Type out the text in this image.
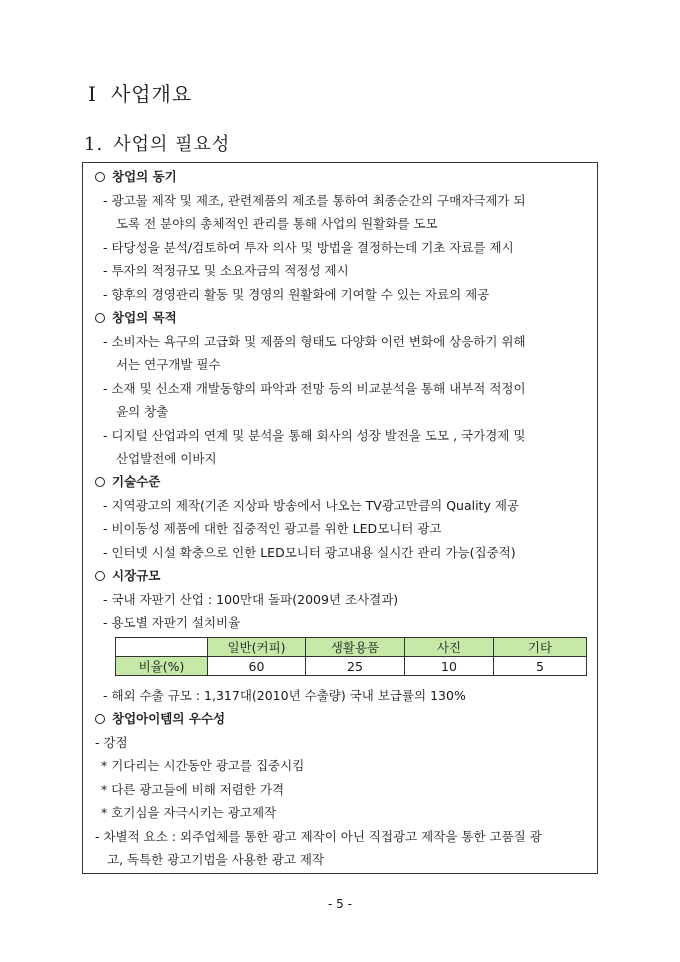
I 사업개요
1. 사업의 필요성
창업의 동기
- 광고물 제작 및 제조, 관련제품의 제조를 통하여 최종순간의 구매자극제가 되
도록 전 분야의 총체적인 관리를 통해 사업의 원활화를 도모
- 타당성을 분석/검토하여 투자 의사 및 방법을 결정하는데 기초 자료를 제시
- 투자의 적정규모 및 소요자금의 적정성 제시
- 향후의 경영관리 활동 및 경영의 원활화에 기여할 수 있는 자료의 제공
창업의 목적
- 소비자는 욕구의 고급화 및 제품의 형태도 다양화 이런 변화에 상응하기 위해
서는 연구개발 필수
- 소재 및 신소재 개발동향의 파악과 전망 등의 비교분석을 통해 내부적 적정이
윤의 창출
- 디지털 산업과의 연계 및 분석을 통해 회사의 성장 발전을 도모 , 국가경제 및
산업발전에 이바지
기술수준
- 지역광고의 제작(기존 지상파 방송에서 나오는 TV광고만큼의 Quality 제공
- 비이동성 제품에 대한 집중적인 광고를 위한 LED모니터 광고
- 인터넷 시설 확충으로 인한 LED모니터 광고내용 실시간 관리 가능(집중적)
시장규모
- 국내 자판기 산업 : 100만대 돌파(2009년 조사결과)
- 용도별 자판기 설치비율
	일반(커피)	생활용품	사진	기타
비율(%)	60	25	10	5
- 해외 수출 규모 : 1,317대(2010년 수출량) 국내 보급률의 130%
창업아이템의 우수성
- 강점
* 기다리는 시간동안 광고를 집중시킴
* 다른 광고들에 비해 저렴한 가격
* 호기심을 자극시키는 광고제작
- 차별적 요소 : 외주업체를 통한 광고 제작이 아닌 직접광고 제작을 통한 고품질 광
고, 독특한 광고기법을 사용한 광고 제작
- 5 -
